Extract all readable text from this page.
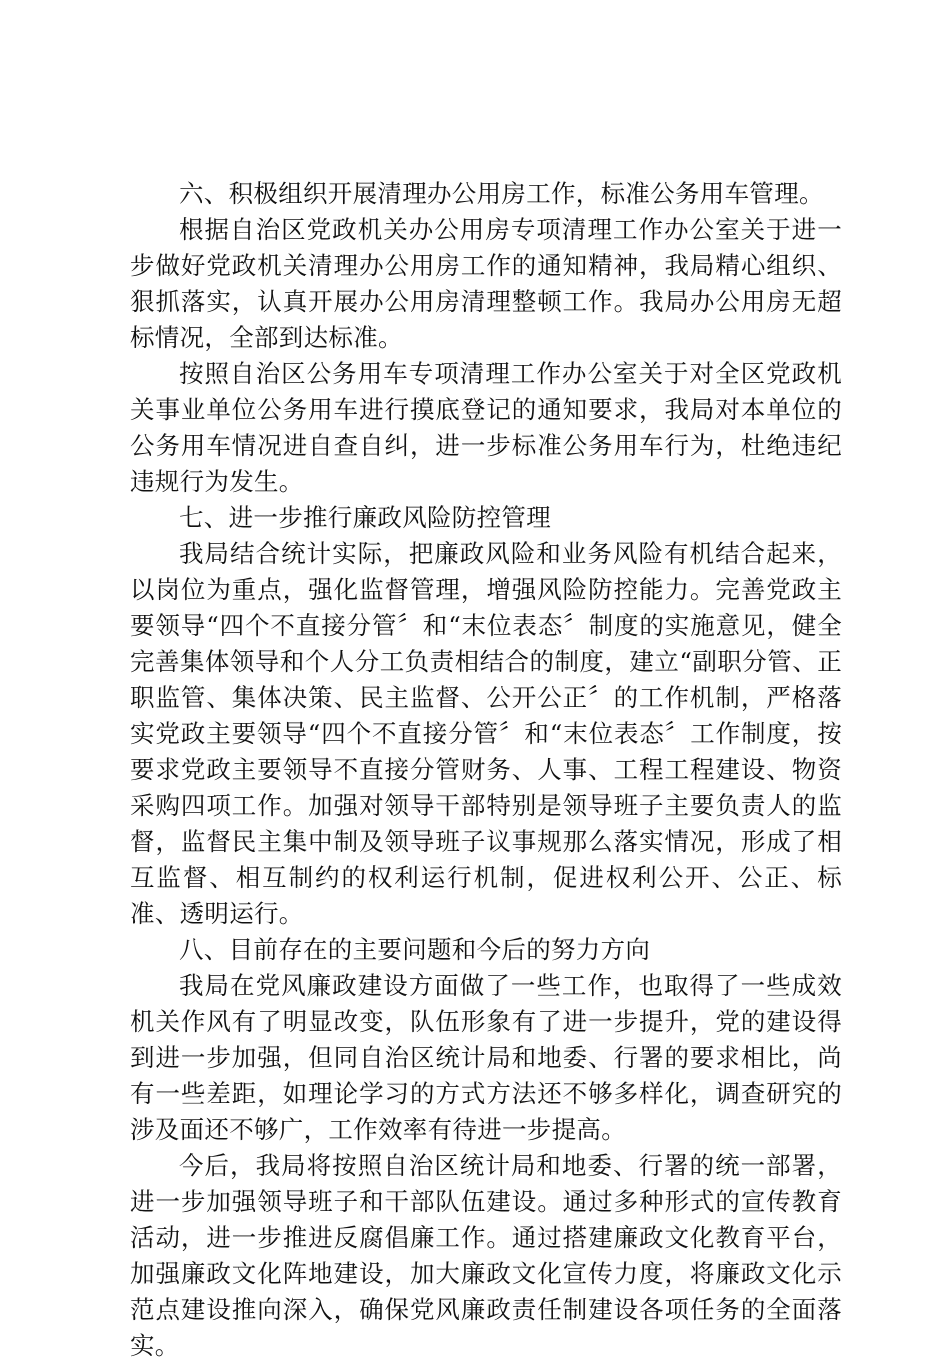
六、积极组织开展清理办公用房工作，标准公务用车管理。

根据自治区党政机关办公用房专项清理工作办公室关于进一步做好党政机关清理办公用房工作的通知精神，我局精心组织、狠抓落实，认真开展办公用房清理整顿工作。我局办公用房无超标情况，全部到达标准。

按照自治区公务用车专项清理工作办公室关于对全区党政机关事业单位公务用车进行摸底登记的通知要求，我局对本单位的公务用车情况进自查自纠，进一步标准公务用车行为，杜绝违纪违规行为发生。

七、进一步推行廉政风险防控管理

我局结合统计实际，把廉政风险和业务风险有机结合起来，以岗位为重点，强化监督管理，增强风险防控能力。完善党政主要领导“四个不直接分管〞和“末位表态〞制度的实施意见，健全完善集体领导和个人分工负责相结合的制度，建立“副职分管、正职监管、集体决策、民主监督、公开公正〞的工作机制，严格落实党政主要领导“四个不直接分管〞和“末位表态〞工作制度，按要求党政主要领导不直接分管财务、人事、工程工程建设、物资采购四项工作。加强对领导干部特别是领导班子主要负责人的监督，监督民主集中制及领导班子议事规那么落实情况，形成了相互监督、相互制约的权利运行机制，促进权利公开、公正、标准、透明运行。

八、目前存在的主要问题和今后的努力方向

我局在党风廉政建设方面做了一些工作，也取得了一些成效机关作风有了明显改变，队伍形象有了进一步提升，党的建设得到进一步加强，但同自治区统计局和地委、行署的要求相比，尚有一些差距，如理论学习的方式方法还不够多样化，调查研究的涉及面还不够广，工作效率有待进一步提高。

今后，我局将按照自治区统计局和地委、行署的统一部署，进一步加强领导班子和干部队伍建设。通过多种形式的宣传教育活动，进一步推进反腐倡廉工作。通过搭建廉政文化教育平台，加强廉政文化阵地建设，加大廉政文化宣传力度，将廉政文化示范点建设推向深入，确保党风廉政责任制建设各项任务的全面落实。
